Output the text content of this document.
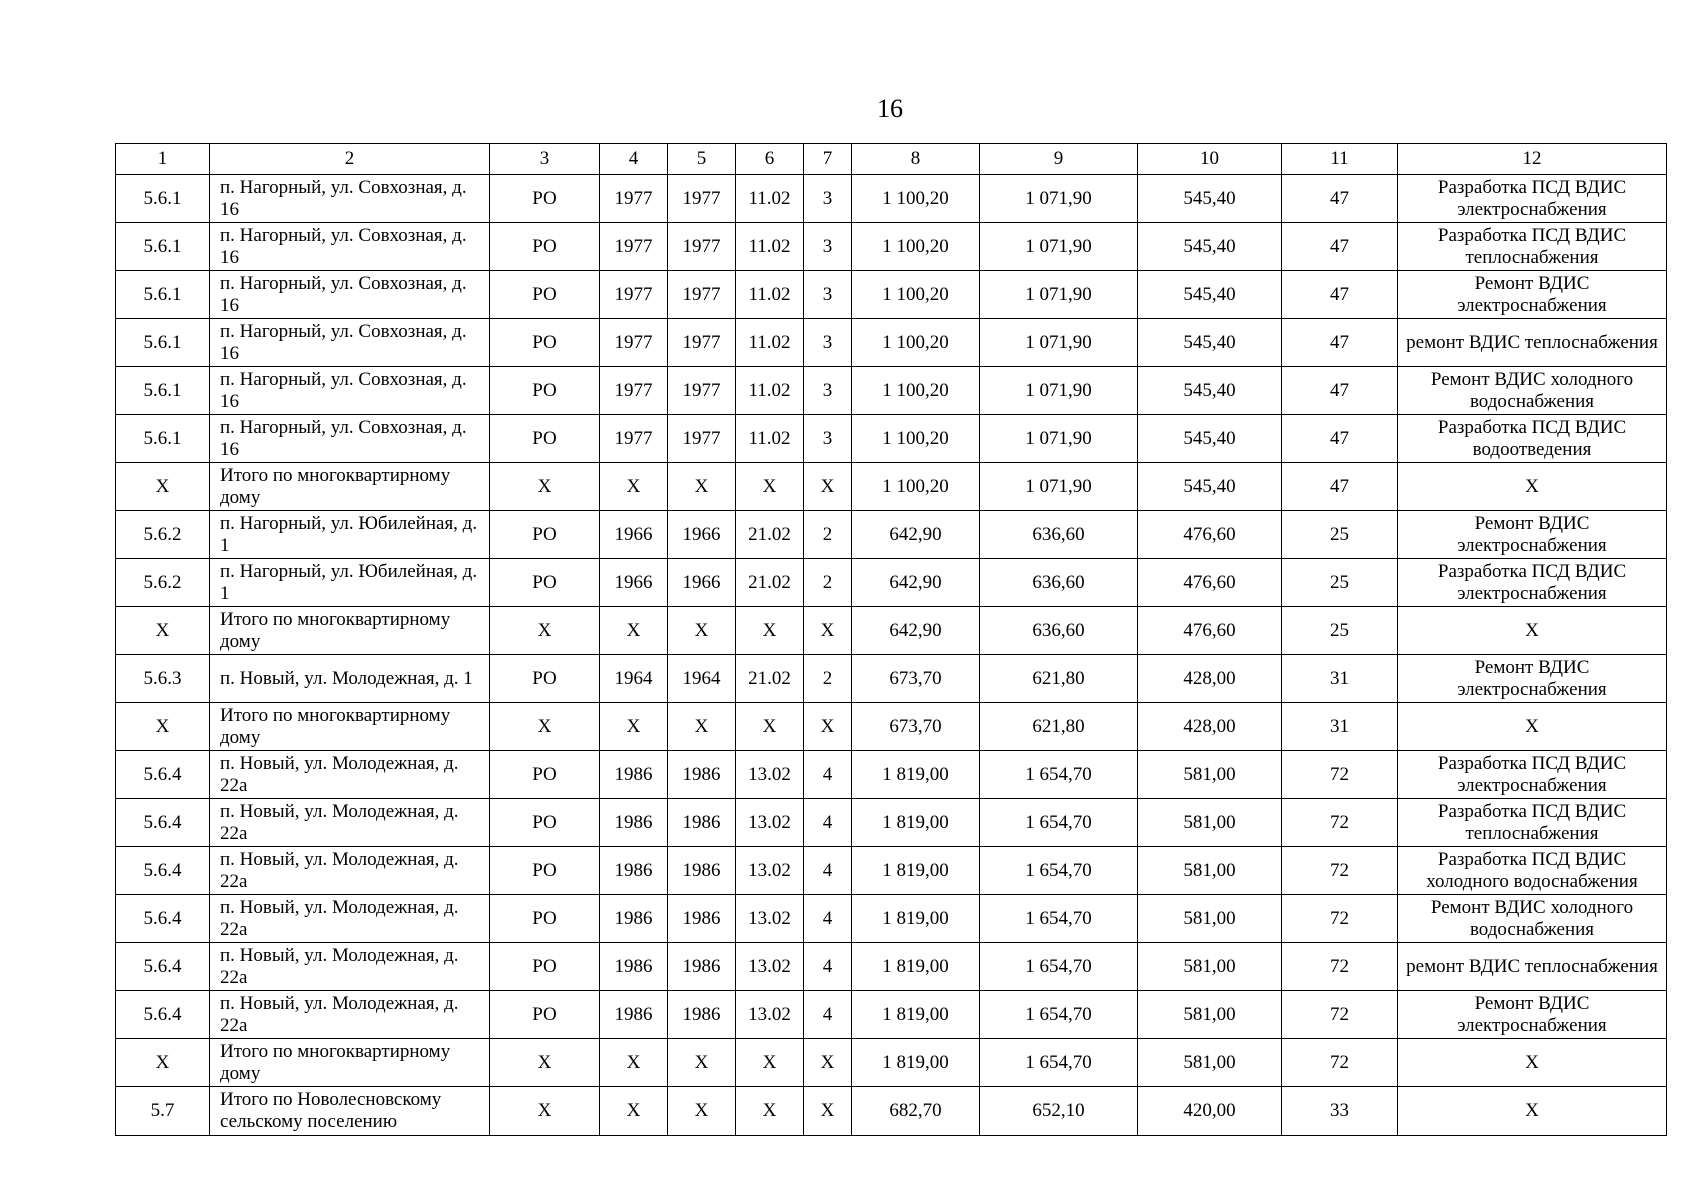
16
1	2	3	4	5	6	7	8	9	10	11	12
5.6.1	п. Нагорный, ул. Совхозная, д. 16	РО	1977	1977	11.02	3	1 100,20	1 071,90	545,40	47	Разработка ПСД ВДИС электроснабжения
5.6.1	п. Нагорный, ул. Совхозная, д. 16	РО	1977	1977	11.02	3	1 100,20	1 071,90	545,40	47	Разработка ПСД ВДИС теплоснабжения
5.6.1	п. Нагорный, ул. Совхозная, д. 16	РО	1977	1977	11.02	3	1 100,20	1 071,90	545,40	47	Ремонт ВДИС электроснабжения
5.6.1	п. Нагорный, ул. Совхозная, д. 16	РО	1977	1977	11.02	3	1 100,20	1 071,90	545,40	47	ремонт ВДИС теплоснабжения
5.6.1	п. Нагорный, ул. Совхозная, д. 16	РО	1977	1977	11.02	3	1 100,20	1 071,90	545,40	47	Ремонт ВДИС холодного водоснабжения
5.6.1	п. Нагорный, ул. Совхозная, д. 16	РО	1977	1977	11.02	3	1 100,20	1 071,90	545,40	47	Разработка ПСД ВДИС водоотведения
Х	Итого по многоквартирному дому	Х	Х	Х	Х	Х	1 100,20	1 071,90	545,40	47	Х
5.6.2	п. Нагорный, ул. Юбилейная, д. 1	РО	1966	1966	21.02	2	642,90	636,60	476,60	25	Ремонт ВДИС электроснабжения
5.6.2	п. Нагорный, ул. Юбилейная, д. 1	РО	1966	1966	21.02	2	642,90	636,60	476,60	25	Разработка ПСД ВДИС электроснабжения
Х	Итого по многоквартирному дому	Х	Х	Х	Х	Х	642,90	636,60	476,60	25	Х
5.6.3	п. Новый, ул. Молодежная, д. 1	РО	1964	1964	21.02	2	673,70	621,80	428,00	31	Ремонт ВДИС электроснабжения
Х	Итого по многоквартирному дому	Х	Х	Х	Х	Х	673,70	621,80	428,00	31	Х
5.6.4	п. Новый, ул. Молодежная, д. 22а	РО	1986	1986	13.02	4	1 819,00	1 654,70	581,00	72	Разработка ПСД ВДИС электроснабжения
5.6.4	п. Новый, ул. Молодежная, д. 22а	РО	1986	1986	13.02	4	1 819,00	1 654,70	581,00	72	Разработка ПСД ВДИС теплоснабжения
5.6.4	п. Новый, ул. Молодежная, д. 22а	РО	1986	1986	13.02	4	1 819,00	1 654,70	581,00	72	Разработка ПСД ВДИС холодного водоснабжения
5.6.4	п. Новый, ул. Молодежная, д. 22а	РО	1986	1986	13.02	4	1 819,00	1 654,70	581,00	72	Ремонт ВДИС холодного водоснабжения
5.6.4	п. Новый, ул. Молодежная, д. 22а	РО	1986	1986	13.02	4	1 819,00	1 654,70	581,00	72	ремонт ВДИС теплоснабжения
5.6.4	п. Новый, ул. Молодежная, д. 22а	РО	1986	1986	13.02	4	1 819,00	1 654,70	581,00	72	Ремонт ВДИС электроснабжения
Х	Итого по многоквартирному дому	Х	Х	Х	Х	Х	1 819,00	1 654,70	581,00	72	Х
5.7	Итого по Новолесновскому сельскому поселению	Х	Х	Х	Х	Х	682,70	652,10	420,00	33	Х
